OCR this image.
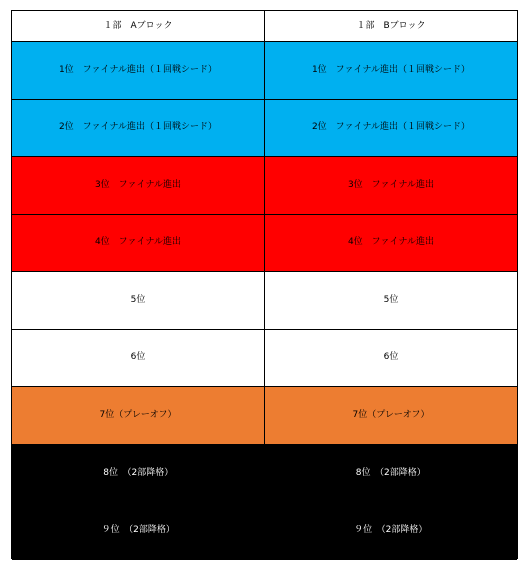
１部　Aブロック	１部　Bブロック
1位　ファイナル進出（１回戦シード）	1位　ファイナル進出（１回戦シード）
2位　ファイナル進出（１回戦シード）	2位　ファイナル進出（１回戦シード）
3位　ファイナル進出	3位　ファイナル進出
4位　ファイナル進出	4位　ファイナル進出
5位	5位
6位	6位
7位（プレーオフ）	7位（プレーオフ）
8位　（2部降格）	8位　（2部降格）
９位　（2部降格）	９位　（2部降格）
